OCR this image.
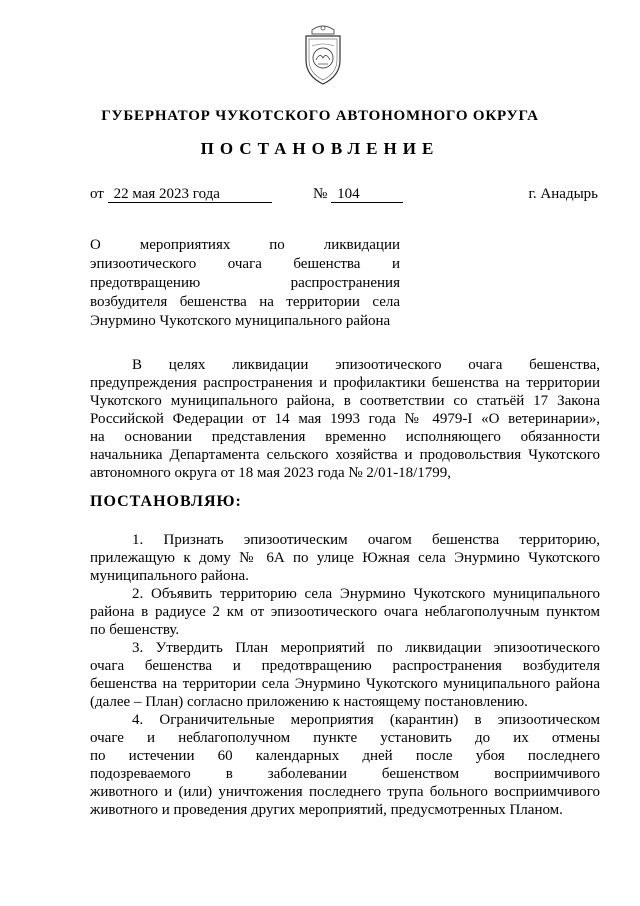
ГУБЕРНАТОР ЧУКОТСКОГО АВТОНОМНОГО ОКРУГА
ПОСТАНОВЛЕНИЕ
от 22 мая 2023 года	№ 104	г. Анадырь
О мероприятиях по ликвидации
эпизоотического очага бешенства и
предотвращению распространения
возбудителя бешенства на территории села
Энурмино Чукотского муниципального района
В целях ликвидации эпизоотического очага бешенства,
предупреждения распространения и профилактики бешенства на территории
Чукотского муниципального района, в соответствии со статьёй 17 Закона
Российской Федерации от 14 мая 1993 года № 4979-I «О ветеринарии»,
на основании представления временно исполняющего обязанности
начальника Департамента сельского хозяйства и продовольствия Чукотского
автономного округа от 18 мая 2023 года № 2/01-18/1799,
ПОСТАНОВЛЯЮ:
1. Признать эпизоотическим очагом бешенства территорию,
прилежащую к дому № 6А по улице Южная села Энурмино Чукотского
муниципального района.
2. Объявить территорию села Энурмино Чукотского муниципального
района в радиусе 2 км от эпизоотического очага неблагополучным пунктом
по бешенству.
3. Утвердить План мероприятий по ликвидации эпизоотического
очага бешенства и предотвращению распространения возбудителя
бешенства на территории села Энурмино Чукотского муниципального района
(далее – План) согласно приложению к настоящему постановлению.
4. Ограничительные мероприятия (карантин) в эпизоотическом
очаге и неблагополучном пункте установить до их отмены
по истечении 60 календарных дней после убоя последнего
подозреваемого в заболевании бешенством восприимчивого
животного и (или) уничтожения последнего трупа больного восприимчивого
животного и проведения других мероприятий, предусмотренных Планом.
